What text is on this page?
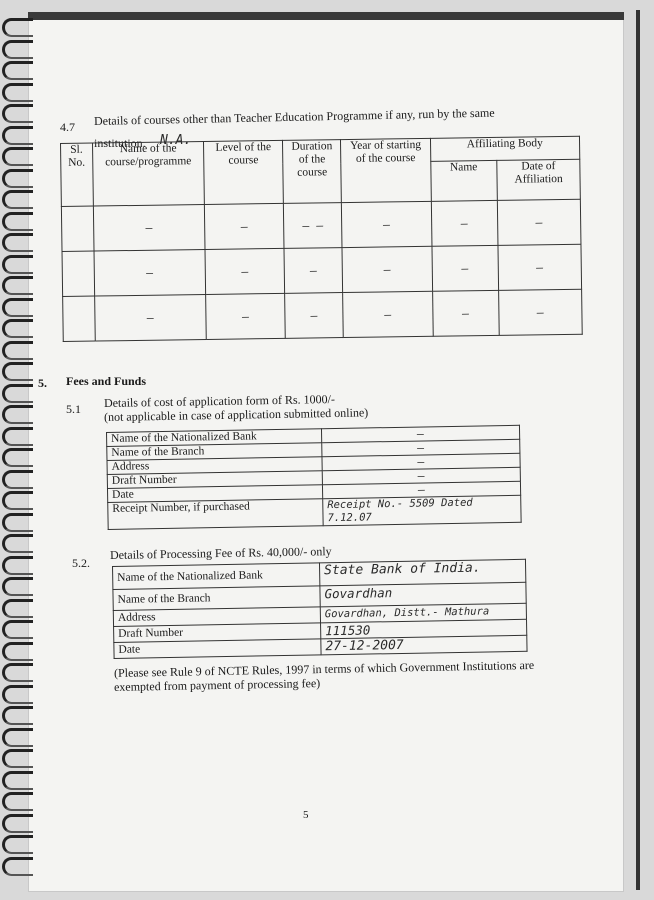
4.7 Details of courses other than Teacher Education Programme if any, run by the same
institution. N.A.
Sl. No.	Name of the course/programme	Level of the course	Duration of the course	Year of starting of the course	Affiliating Body	
					Name	Date of Affiliation
	–	–	– –	–	–	–
	–	–	–	–	–	–
	–	–	–	–	–	–
5. Fees and Funds
5.1 Details of cost of application form of Rs. 1000/-
(not applicable in case of application submitted online)
Name of the Nationalized Bank	–
Name of the Branch	–
Address	–
Draft Number	–
Date	–
Receipt Number, if purchased	Receipt No.- 5509 Dated 7.12.07
5.2.
Details of Processing Fee of Rs. 40,000/- only
Name of the Nationalized Bank	State Bank of India.
Name of the Branch	Govardhan
Address	Govardhan, Distt.- Mathura
Draft Number	111530
Date	27-12-2007
(Please see Rule 9 of NCTE Rules, 1997 in terms of which Government Institutions are
exempted from payment of processing fee)
5
